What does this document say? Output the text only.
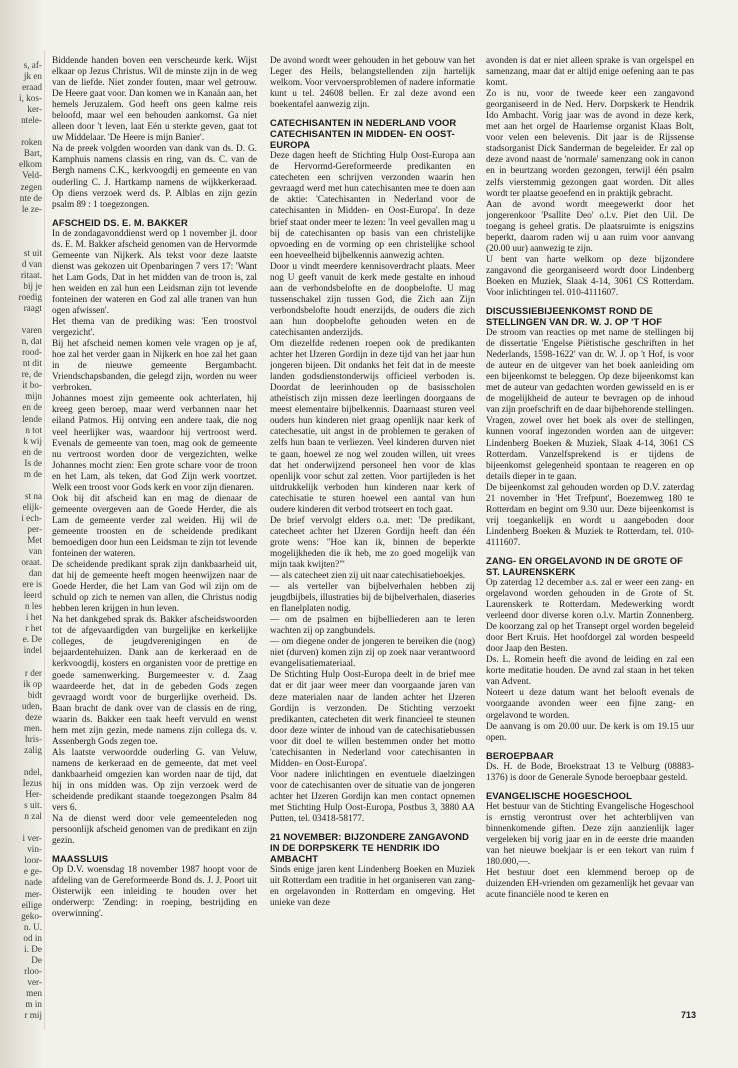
s, af-
jk en
eraad
i, kos-
ker-
ntele-

roken
Bart,
elkom
Veld-
zegen
nte de
le ze-

st uit
d van
ritaat.
bij je
roedig
raagt

varen
n, dat
rood-
nt dit
re, de
it bo-
mijn
en de
lende
n tot
k wij
en de
Is de
m de

st na
elijk-
i ech-
per-
Met
van
oraat.
dan
ere is
leerd
n les
i het
r het
e. De
indel

r der
ik op
bidt
uden,
deze
men.
hris-
zalig

ndel,
Iezus
Her-
s uit.
n zal

i ver-
vin-
loor-
e ge-
nade
mer-
eilige
geko-
n. U.
od in
i. De
De
rloo-
ver-
men
m in
r mij

Biddende handen boven een verscheurde kerk. Wijst elkaar op Jezus Christus. Wil de minste zijn in de weg van de liefde. Niet zonder fouten, maar wel getrouw. De Heere gaat voor. Dan komen we in Kanaän aan, het hemels Jeruzalem. God heeft ons geen kalme reis beloofd, maar wel een behouden aankomst. Ga niet alleen door 't leven, laat Eén u sterkte geven, gaat tot uw Middelaar. 'De Heere is mijn Banier'.

Na de preek volgden woorden van dank van ds. D. G. Kamphuis namens classis en ring, van ds. C. van de Bergh namens C.K., kerkvoogdij en gemeente en van ouderling C. J. Hartkamp namens de wijkkerkeraad. Op diens verzoek werd ds. P. Alblas en zijn gezin psalm 89 : 1 toegezongen.

AFSCHEID DS. E. M. BAKKER

In de zondagavonddienst werd op 1 november jl. door ds. E. M. Bakker afscheid genomen van de Hervormde Gemeente van Nijkerk. Als tekst voor deze laatste dienst was gekozen uit Openbaringen 7 vers 17: 'Want het Lam Gods, Dat in het midden van de troon is, zal hen weiden en zal hun een Leidsman zijn tot levende fonteinen der wateren en God zal alle tranen van hun ogen afwissen'.

Het thema van de prediking was: 'Een troostvol vergezicht'.

Bij het afscheid nemen komen vele vragen op je af, hoe zal het verder gaan in Nijkerk en hoe zal het gaan in de nieuwe gemeente Bergambacht. Vriendschapsbanden, die gelegd zijn, worden nu weer verbroken.

Johannes moest zijn gemeente ook achterlaten, hij kreeg geen beroep, maar werd verbannen naar het eiland Patmos. Hij ontving een andere taak, die nog veel heerlijker was, waardoor hij vertroost werd. Evenals de gemeente van toen, mag ook de gemeente nu vertroost worden door de vergezichten, welke Johannes mocht zien: Een grote schare voor de troon en het Lam, als teken, dat God Zijn werk voortzet. Welk een troost voor Gods kerk en voor zijn dienaren.

Ook bij dit afscheid kan en mag de dienaar de gemeente overgeven aan de Goede Herder, die als Lam de gemeente verder zal weiden. Hij wil de gemeente troosten en de scheidende predikant bemoedigen door hun een Leidsman te zijn tot levende fonteinen der wateren.

De scheidende predikant sprak zijn dankbaarheid uit, dat hij de gemeente heeft mogen heenwijzen naar de Goede Herder, die het Lam van God wil zijn om de schuld op zich te nemen van allen, die Christus nodig hebben leren krijgen in hun leven.

Na het dankgebed sprak ds. Bakker afscheidswoorden tot de afgevaardigden van burgelijke en kerkelijke colleges, de jeugdverenigingen en de bejaardentehuizen. Dank aan de kerkeraad en de kerkvoogdij, kosters en organisten voor de prettige en goede samenwerking. Burgemeester v. d. Zaag waardeerde het, dat in de gebeden Gods zegen gevraagd wordt voor de burgerlijke overheid. Ds. Baan bracht de dank over van de classis en de ring, waarin ds. Bakker een taak heeft vervuld en wenst hem met zijn gezin, mede namens zijn collega ds. v. Assenbergh Gods zegen toe.

Als laatste verwoordde ouderling G. van Veluw, namens de kerkeraad en de gemeente, dat met veel dankbaarheid omgezien kan worden naar de tijd, dat hij in ons midden was. Op zijn verzoek werd de scheidende predikant staande toegezongen Psalm 84 vers 6.

Na de dienst werd door vele gemeenteleden nog persoonlijk afscheid genomen van de predikant en zijn gezin.

MAASSLUIS

Op D.V. woensdag 18 november 1987 hoopt voor de afdeling van de Gereformeerde Bond ds. J. J. Poort uit Oisterwijk een inleiding te houden over het onderwerp: 'Zending: in roeping, bestrijding en overwinning'.

De avond wordt weer gehouden in het gebouw van het Leger des Heils, belangstellenden zijn hartelijk welkom. Voor vervoersproblemen of nadere informatie kunt u tel. 24608 bellen. Er zal deze avond een boekentafel aanwezig zijn.

CATECHISANTEN IN NEDERLAND VOOR CATECHISANTEN IN MIDDEN- EN OOST-EUROPA

Deze dagen heeft de Stichting Hulp Oost-Europa aan de Hervormd-Gereformeerde predikanten en catecheten een schrijven verzonden waarin hen gevraagd werd met hun catechisanten mee te doen aan de aktie: 'Catechisanten in Nederland voor de catechisanten in Midden- en Oost-Europa'. In deze brief staat onder meer te lezen: 'In veel gevallen mag u bij de catechisanten op basis van een christelijke opvoeding en de vorming op een christelijke school een hoeveelheid bijbelkennis aanwezig achten.

Door u vindt meerdere kennisoverdracht plaats. Meer nog U geeft vanuit de kerk mede gestalte en inhoud aan de verbondsbelofte en de doopbelofte. U mag tussenschakel zijn tussen God, die Zich aan Zijn verbondsbelofte houdt enerzijds, de ouders die zich aan hun doopbelofte gehouden weten en de catechisanten anderzijds.

Om diezelfde redenen roepen ook de predikanten achter het IJzeren Gordijn in deze tijd van het jaar hun jongeren bijeen. Dit ondanks het feit dat in de meeste landen godsdienstonderwijs officieel verboden is. Doordat de leerinhouden op de basisscholen atheïstisch zijn missen deze leerlingen doorgaans de meest elementaire bijbelkennis. Daarnaast sturen veel ouders hun kinderen niet graag openlijk naar kerk of catechesatie, uit angst in de problemen te geraken of zelfs hun baan te verliezen. Veel kinderen durven niet te gaan, hoewel ze nog wel zouden willen, uit vrees dat het onderwijzend personeel hen voor de klas openlijk voor schut zal zetten. Voor partijleden is het uitdrukkelijk verboden hun kinderen naar kerk of catechisatie te sturen hoewel een aantal van hun oudere kinderen dit verbod trotseert en toch gaat.

De brief vervolgt elders o.a. met: 'De predikant, catecheet achter het IJzeren Gordijn heeft dan één grote wens: "Hoe kan ik, binnen de beperkte mogelijkheden die ik heb, me zo goed mogelijk van mijn taak kwijten?"'

— als catecheet zien zij uit naar catechisatieboekjes.

— als verteller van bijbelverhalen hebben zij jeugdbijbels, illustraties bij de bijbelverhalen, diaseries en flanelplaten nodig.

— om de psalmen en bijbelliederen aan te leren wachten zij op zangbundels.

— om diegene onder de jongeren te bereiken die (nog) niet (durven) komen zijn zij op zoek naar verantwoord evangelisatiemateriaal.

De Stichting Hulp Oost-Europa deelt in de brief mee dat er dit jaar weer meer dan voorgaande jaren van deze materialen naar de landen achter het IJzeren Gordijn is verzonden. De Stichting verzoekt predikanten, catecheten dit werk financieel te steunen door deze winter de inhoud van de catechisatiebussen voor dit doel te willen bestemmen onder het motto 'catechisanten in Nederland voor catechisanten in Midden- en Oost-Europa'.

Voor nadere inlichtingen en eventuele diaelzingen voor de catechisanten over de situatie van de jongeren achter het IJzeren Gordijn kan men contact opnemen met Stichting Hulp Oost-Europa, Postbus 3, 3880 AA Putten, tel. 03418-58177.

21 NOVEMBER: BIJZONDERE ZANGAVOND IN DE DORPSKERK TE HENDRIK IDO AMBACHT

Sinds enige jaren kent Lindenberg Boeken en Muziek uit Rotterdam een traditie in het organiseren van zang- en orgelavonden in Rotterdam en omgeving. Het unieke van deze

avonden is dat er niet alleen sprake is van orgelspel en samenzang, maar dat er altijd enige oefening aan te pas komt.

Zo is nu, voor de tweede keer een zangavond georganiseerd in de Ned. Herv. Dorpskerk te Hendrik Ido Ambacht. Vorig jaar was de avond in deze kerk, met aan het orgel de Haarlemse organist Klaas Bolt, voor velen een belevenis. Dit jaar is de Rijssense stadsorganist Dick Sanderman de begeleider. Er zal op deze avond naast de 'normale' samenzang ook in canon en in beurtzang worden gezongen, terwijl één psalm zelfs vierstemmig gezongen gaat worden. Dit alles wordt ter plaatse geoefend en in praktijk gebracht.

Aan de avond wordt meegewerkt door het jongerenkoor 'Psallite Deo' o.l.v. Piet den Uil. De toegang is geheel gratis. De plaatsruimte is enigszins beperkt, daarom raden wij u aan ruim voor aanvang (20.00 uur) aanwezig te zijn.

U bent van harte welkom op deze bijzondere zangavond die georganiseerd wordt door Lindenberg Boeken en Muziek, Slaak 4-14, 3061 CS Rotterdam. Voor inlichtingen tel. 010-4111607.

DISCUSSIEBIJEENKOMST ROND DE STELLINGEN VAN DR. W. J. OP 'T HOF

De stroom van reacties op met name de stellingen bij de dissertatie 'Engelse Piëtistische geschriften in het Nederlands, 1598-1622' van dr. W. J. op 't Hof, is voor de auteur en de uitgever van het boek aanleiding om een bijeenkomst te beleggen. Op deze bijeenkomst kan met de auteur van gedachten worden gewisseld en is er de mogelijkheid de auteur te bevragen op de inhoud van zijn proefschrift en de daar bijbehorende stellingen.

Vragen, zowel over het boek als over de stellingen, kunnen vooraf ingezonden worden aan de uitgever: Lindenberg Boeken & Muziek, Slaak 4-14, 3061 CS Rotterdam. Vanzelfsprekend is er tijdens de bijeenkomst gelegenheid spontaan te reageren en op details dieper in te gaan.

De bijeenkomst zal gehouden worden op D.V. zaterdag 21 november in 'Het Trefpunt', Boezemweg 180 te Rotterdam en begint om 9.30 uur. Deze bijeenkomst is vrij toegankelijk en wordt u aangeboden door Lindenberg Boeken & Muziek te Rotterdam, tel. 010-4111607.

ZANG- EN ORGELAVOND IN DE GROTE OF ST. LAURENSKERK

Op zaterdag 12 december a.s. zal er weer een zang- en orgelavond worden gehouden in de Grote of St. Laurenskerk te Rotterdam. Medewerking wordt verleend door diverse koren o.l.v. Martin Zonnenberg. De koorzang zal op het Transept orgel worden begeleid door Bert Kruis. Het hoofdorgel zal worden bespeeld door Jaap den Besten.

Ds. L. Romein heeft die avond de leiding en zal een korte meditatie houden. De avnd zal staan in het teken van Advent.

Noteert u deze datum want het belooft evenals de voorgaande avonden weer een fijne zang- en orgelavond te worden.

De aanvang is om 20.00 uur. De kerk is om 19.15 uur open.

BEROEPBAAR

Ds. H. de Bode, Broekstraat 13 te Velburg (08883-1376) is door de Generale Synode beroepbaar gesteld.

EVANGELISCHE HOGESCHOOL

Het bestuur van de Stichting Evangelische Hogeschool is ernstig verontrust over het achterblijven van binnenkomende giften. Deze zijn aanzienlijk lager vergeleken bij vorig jaar en in de eerste drie maanden van het nieuwe boekjaar is er een tekort van ruim f 180.000,—.

Het bestuur doet een klemmend beroep op de duizenden EH-vrienden om gezamenlijk het gevaar van acute financiële nood te keren en

713
